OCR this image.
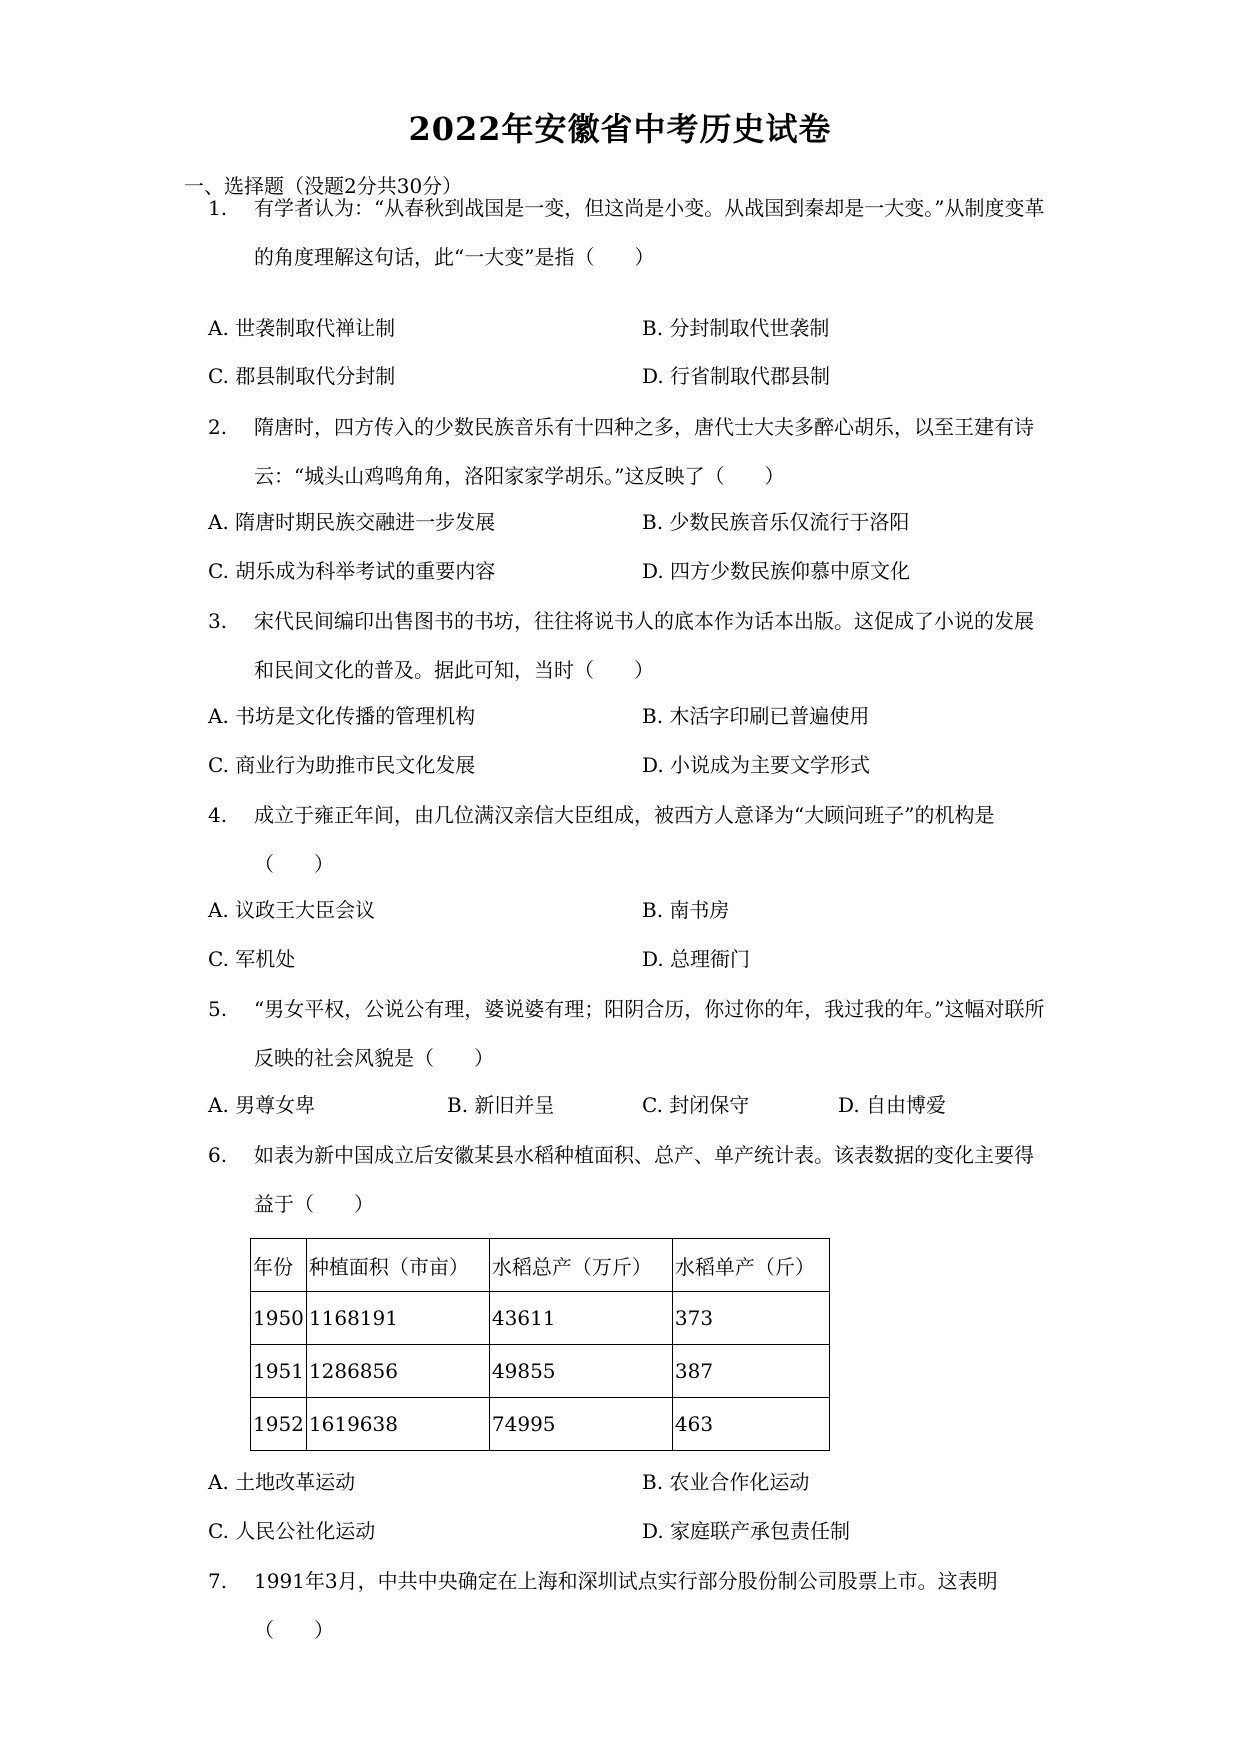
2022年安徽省中考历史试卷
一、选择题（没题2分共30分）
1. 有学者认为：“从春秋到战国是一变，但这尚是小变。从战国到秦却是一大变。”从制度变革的角度理解这句话，此“一大变”是指（　　）
A. 世袭制取代禅让制	B. 分封制取代世袭制
C. 郡县制取代分封制	D. 行省制取代郡县制
2. 隋唐时，四方传入的少数民族音乐有十四种之多，唐代士大夫多醉心胡乐，以至王建有诗云：“城头山鸡鸣角角，洛阳家家学胡乐。”这反映了（　　）
A. 隋唐时期民族交融进一步发展	B. 少数民族音乐仅流行于洛阳
C. 胡乐成为科举考试的重要内容	D. 四方少数民族仰慕中原文化
3. 宋代民间编印出售图书的书坊，往往将说书人的底本作为话本出版。这促成了小说的发展和民间文化的普及。据此可知，当时（　　）
A. 书坊是文化传播的管理机构	B. 木活字印刷已普遍使用
C. 商业行为助推市民文化发展	D. 小说成为主要文学形式
4. 成立于雍正年间，由几位满汉亲信大臣组成，被西方人意译为“大顾问班子”的机构是（　　）
A. 议政王大臣会议	B. 南书房
C. 军机处	D. 总理衙门
5. “男女平权，公说公有理，婆说婆有理；阳阴合历，你过你的年，我过我的年。”这幅对联所反映的社会风貌是（　　）
A. 男尊女卑	B. 新旧并呈	C. 封闭保守	D. 自由博爱
6. 如表为新中国成立后安徽某县水稻种植面积、总产、单产统计表。该表数据的变化主要得益于（　　）
年份	种植面积（市亩）	水稻总产（万斤）	水稻单产（斤）
1950	1168191	43611	373
1951	1286856	49855	387
1952	1619638	74995	463
A. 土地改革运动	B. 农业合作化运动
C. 人民公社化运动	D. 家庭联产承包责任制
7. 1991年3月，中共中央确定在上海和深圳试点实行部分股份制公司股票上市。这表明（　　）
